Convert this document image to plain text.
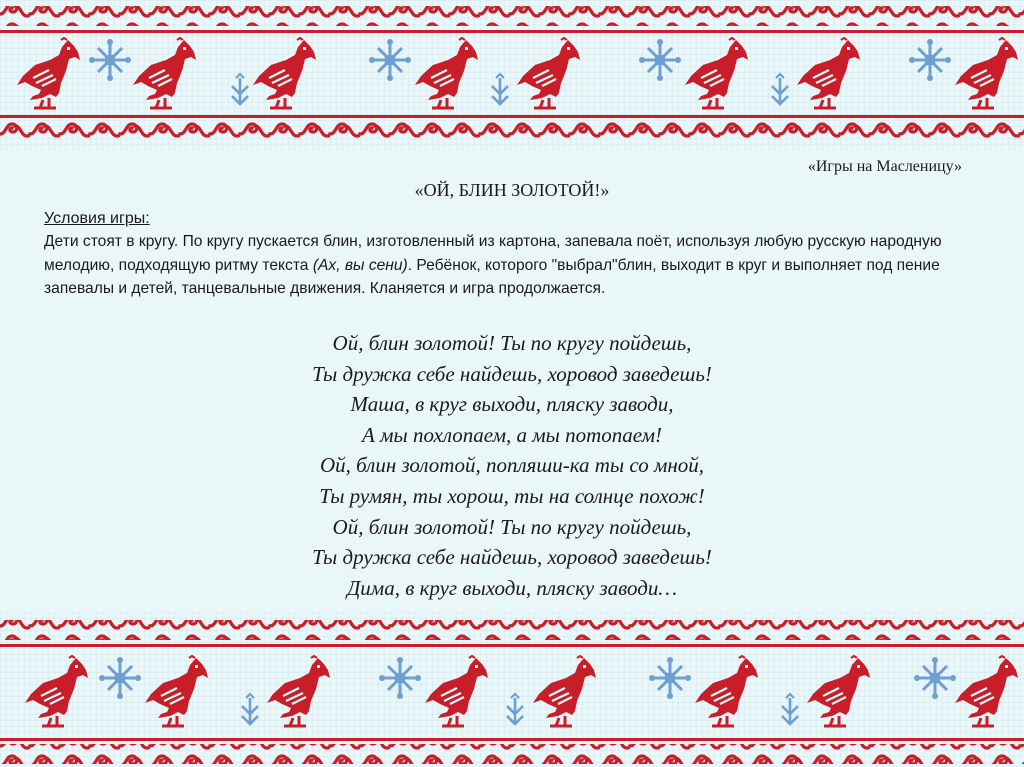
«Игры на Масленицу»

«ОЙ, БЛИН ЗОЛОТОЙ!»

Условия игры:

Дети стоят в кругу. По кругу пускается блин, изготовленный из картона, запевала поёт, используя любую русскую народную мелодию, подходящую ритму текста (Ах, вы сени). Ребёнок, которого "выбрал"блин, выходит в круг и выполняет под пение запевалы и детей, танцевальные движения. Кланяется и игра продолжается.

Ой, блин золотой! Ты по кругу пойдешь,
Ты дружка себе найдешь, хоровод заведешь!
Маша, в круг выходи, пляску заводи,
А мы похлопаем, а мы потопаем!
Ой, блин золотой, попляши-ка ты со мной,
Ты румян, ты хорош, ты на солнце похож!
Ой, блин золотой! Ты по кругу пойдешь,
Ты дружка себе найдешь, хоровод заведешь!
Дима, в круг выходи, пляску заводи…
